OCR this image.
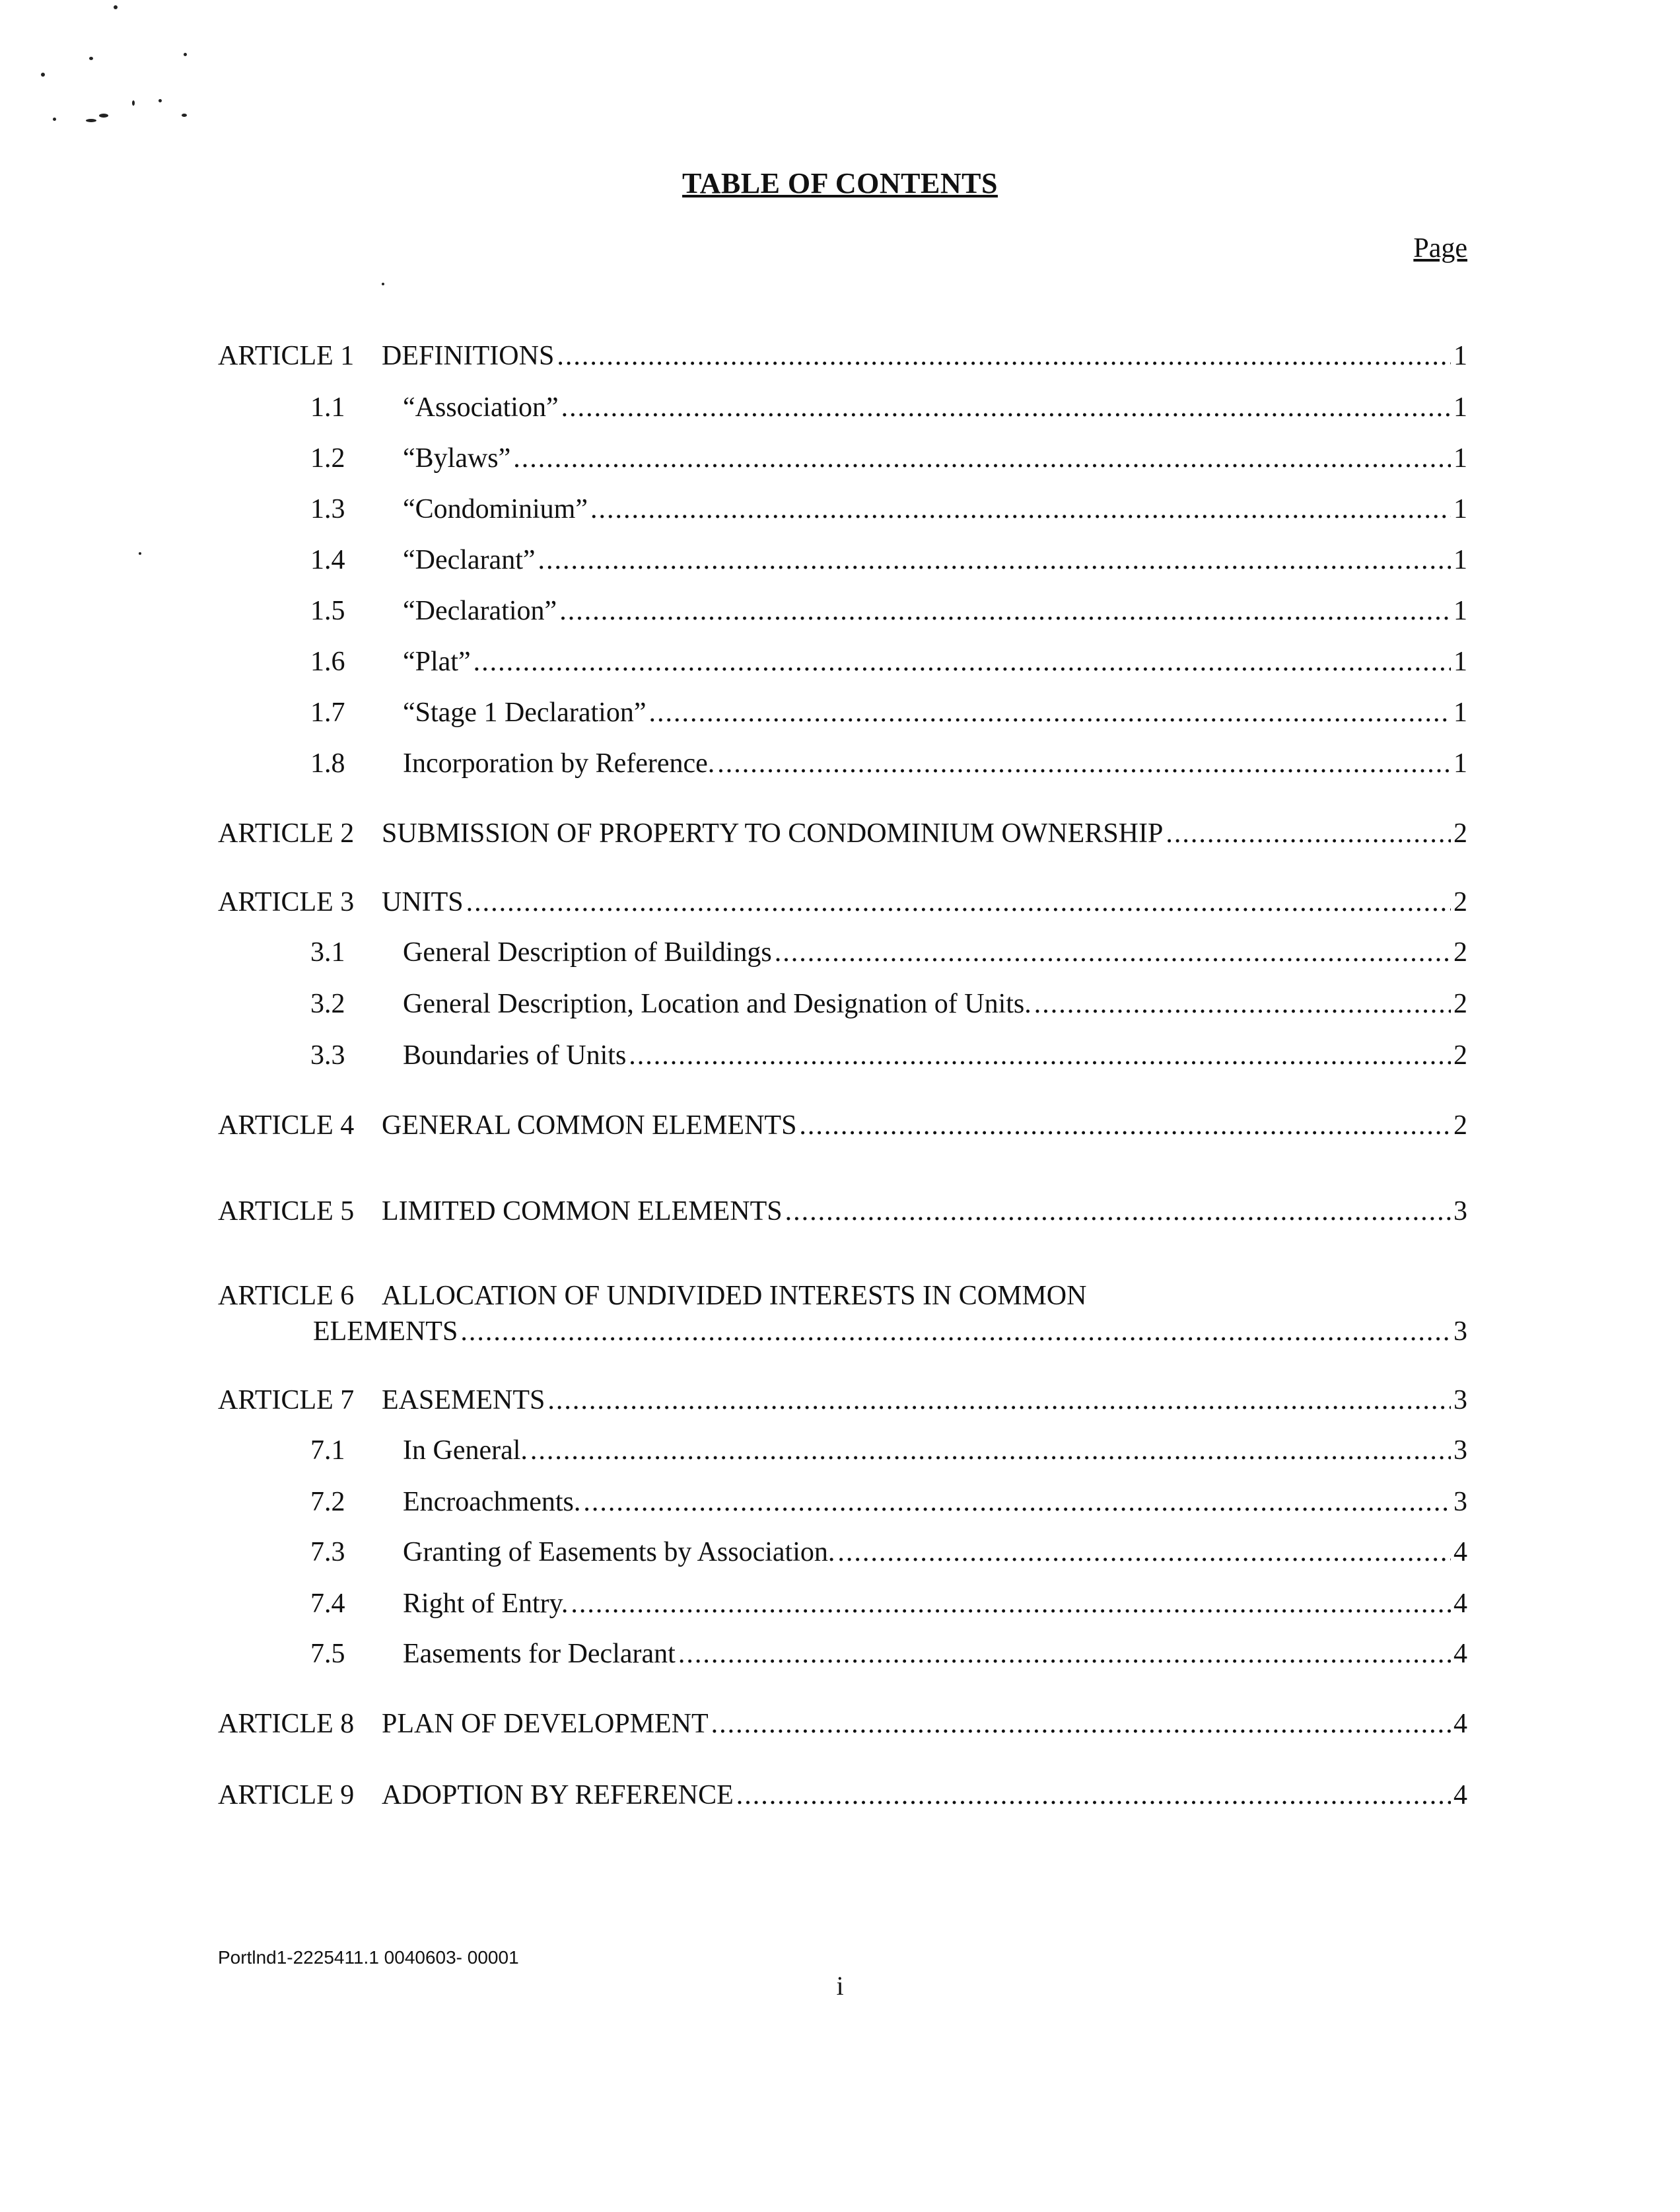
TABLE OF CONTENTS
Page
ARTICLE 1 DEFINITIONS .....	1
1.1	“Association” .....	1
1.2	“Bylaws” .....	1
1.3	“Condominium” .....	1
1.4	“Declarant” .....	1
1.5	“Declaration” .....	1
1.6	“Plat” .....	1
1.7	“Stage 1 Declaration” .....	1
1.8	Incorporation by Reference. .....	1
ARTICLE 2 SUBMISSION OF PROPERTY TO CONDOMINIUM OWNERSHIP .....	2
ARTICLE 3 UNITS .....	2
3.1	General Description of Buildings .....	2
3.2	General Description, Location and Designation of Units. .....	2
3.3	Boundaries of Units .....	2
ARTICLE 4 GENERAL COMMON ELEMENTS .....	2
ARTICLE 5 LIMITED COMMON ELEMENTS .....	3
ARTICLE 6 ALLOCATION OF UNDIVIDED INTERESTS IN COMMON
ELEMENTS .....	3
ARTICLE 7 EASEMENTS .....	3
7.1	In General. .....	3
7.2	Encroachments. .....	3
7.3	Granting of Easements by Association. .....	4
7.4	Right of Entry. .....	4
7.5	Easements for Declarant .....	4
ARTICLE 8 PLAN OF DEVELOPMENT .....	4
ARTICLE 9 ADOPTION BY REFERENCE .....	4
Portlnd1-2225411.1 0040603- 00001
i
